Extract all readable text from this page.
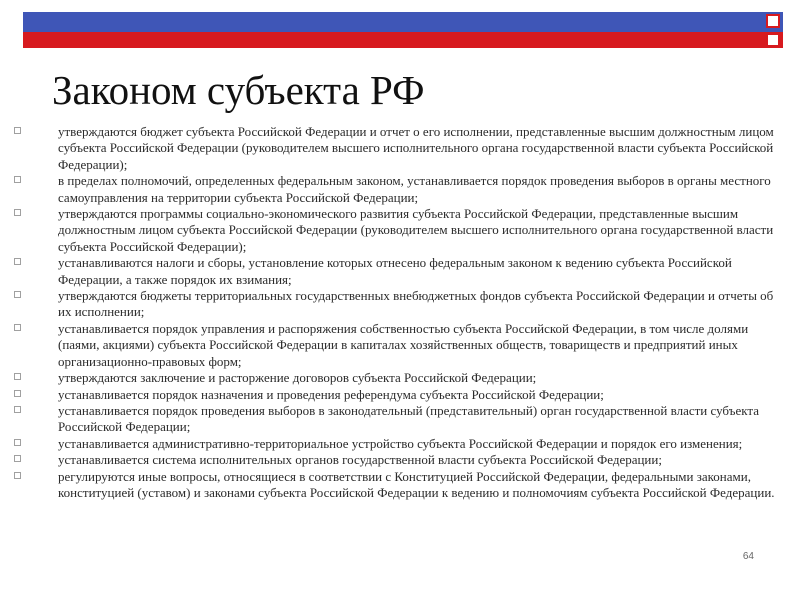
Законом субъекта РФ
утверждаются бюджет субъекта Российской Федерации и отчет о его исполнении, представленные высшим должностным лицом субъекта Российской Федерации (руководителем высшего исполнительного органа государственной власти субъекта Российской Федерации);
в пределах полномочий, определенных федеральным законом, устанавливается порядок проведения выборов в органы местного самоуправления на территории субъекта Российской Федерации;
утверждаются программы социально-экономического развития субъекта Российской Федерации, представленные высшим должностным лицом субъекта Российской Федерации (руководителем высшего исполнительного органа государственной власти субъекта Российской Федерации);
устанавливаются налоги и сборы, установление которых отнесено федеральным законом к ведению субъекта Российской Федерации, а также порядок их взимания;
утверждаются бюджеты территориальных государственных внебюджетных фондов субъекта Российской Федерации и отчеты об их исполнении;
устанавливается порядок управления и распоряжения собственностью субъекта Российской Федерации, в том числе долями (паями, акциями) субъекта Российской Федерации в капиталах хозяйственных обществ, товариществ и предприятий иных организационно-правовых форм;
утверждаются заключение и расторжение договоров субъекта Российской Федерации;
устанавливается порядок назначения и проведения референдума субъекта Российской Федерации;
устанавливается порядок проведения выборов в законодательный (представительный) орган государственной власти субъекта Российской Федерации;
устанавливается административно-территориальное устройство субъекта Российской Федерации и порядок его изменения;
устанавливается система исполнительных органов государственной власти субъекта Российской Федерации;
регулируются иные вопросы, относящиеся в соответствии с Конституцией Российской Федерации, федеральными законами, конституцией (уставом) и законами субъекта Российской Федерации к ведению и полномочиям субъекта Российской Федерации.
64
